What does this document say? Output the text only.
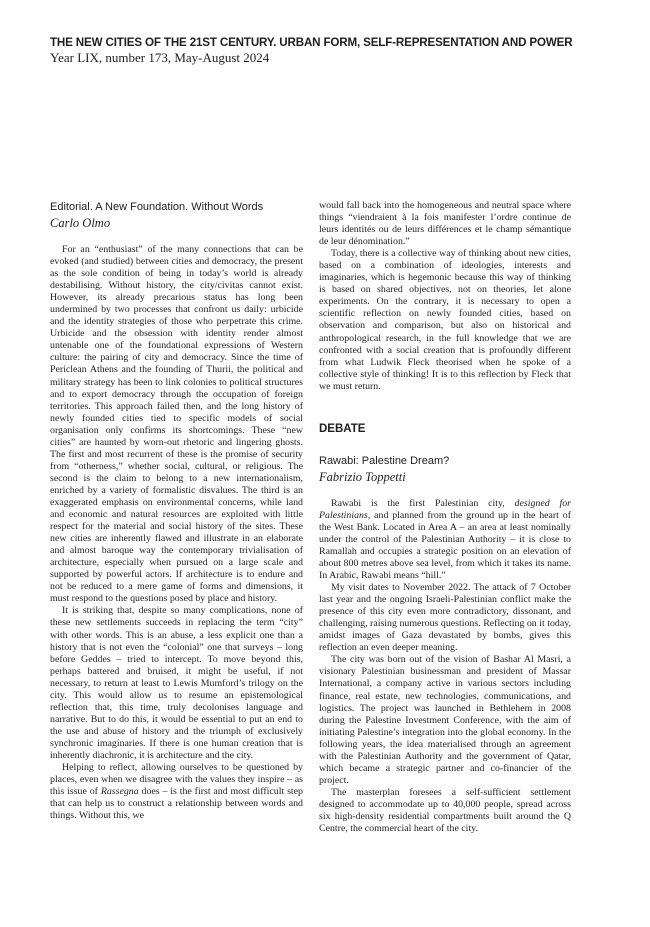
THE NEW CITIES OF THE 21ST CENTURY. URBAN FORM, SELF-REPRESENTATION AND POWER
Year LIX, number 173, May-August 2024
Editorial. A New Foundation. Without Words
Carlo Olmo

For an “enthusiast” of the many connections that can be evoked (and studied) between cities and democracy, the present as the sole condition of being in today’s world is already destabilising. Without history, the city/civitas cannot exist. However, its already precarious status has long been undermined by two processes that confront us daily: urbicide and the identity strategies of those who perpetrate this crime. Urbicide and the obsession with identity render almost untenable one of the foundational expressions of Western culture: the pairing of city and democracy. Since the time of Periclean Athens and the founding of Thurii, the political and military strategy has been to link colonies to political structures and to export democracy through the occupation of foreign territories. This approach failed then, and the long history of newly founded cities tied to specific models of social organisation only confirms its shortcomings. These “new cities” are haunted by worn-out rhetoric and lingering ghosts. The first and most recurrent of these is the promise of security from “otherness,” whether social, cultural, or religious. The second is the claim to belong to a new internationalism, enriched by a variety of formalistic disvalues. The third is an exaggerated emphasis on environmental concerns, while land and economic and natural resources are exploited with little respect for the material and social history of the sites. These new cities are inherently flawed and illustrate in an elaborate and almost baroque way the contemporary trivialisation of architecture, especially when pursued on a large scale and supported by powerful actors. If architecture is to endure and not be reduced to a mere game of forms and dimensions, it must respond to the questions posed by place and history.

It is striking that, despite so many complications, none of these new settlements succeeds in replacing the term “city” with other words. This is an abuse, a less explicit one than a history that is not even the “colonial” one that surveys – long before Geddes – tried to intercept. To move beyond this, perhaps battered and bruised, it might be useful, if not necessary, to return at least to Lewis Mumford’s trilogy on the city. This would allow us to resume an epistemological reflection that, this time, truly decolonises language and narrative. But to do this, it would be essential to put an end to the use and abuse of history and the triumph of exclusively synchronic imaginaries. If there is one human creation that is inherently diachronic, it is architecture and the city.

Helping to reflect, allowing ourselves to be questioned by places, even when we disagree with the values they inspire – as this issue of Rassegna does – is the first and most difficult step that can help us to construct a relationship between words and things. Without this, we

would fall back into the homogeneous and neutral space where things “viendraient à la fois manifester l’ordre continue de leurs identités ou de leurs différences et le champ sémantique de leur dénomination.”

Today, there is a collective way of thinking about new cities, based on a combination of ideologies, interests and imaginaries, which is hegemonic because this way of thinking is based on shared objectives, not on theories, let alone experiments. On the contrary, it is necessary to open a scientific reflection on newly founded cities, based on observation and comparison, but also on historical and anthropological research, in the full knowledge that we are confronted with a social creation that is profoundly different from what Ludwik Fleck theorised when he spoke of a collective style of thinking! It is to this reflection by Fleck that we must return.

DEBATE
Rawabi: Palestine Dream?
Fabrizio Toppetti

Rawabi is the first Palestinian city, designed for Palestinians, and planned from the ground up in the heart of the West Bank. Located in Area A – an area at least nominally under the control of the Palestinian Authority – it is close to Ramallah and occupies a strategic position on an elevation of about 800 metres above sea level, from which it takes its name. In Arabic, Rawabi means “hill.”

My visit dates to November 2022. The attack of 7 October last year and the ongoing Israeli-Palestinian conflict make the presence of this city even more contradictory, dissonant, and challenging, raising numerous questions. Reflecting on it today, amidst images of Gaza devastated by bombs, gives this reflection an even deeper meaning.

The city was born out of the vision of Bashar Al Masri, a visionary Palestinian businessman and president of Massar International, a company active in various sectors including finance, real estate, new technologies, communications, and logistics. The project was launched in Bethlehem in 2008 during the Palestine Investment Conference, with the aim of initiating Palestine’s integration into the global economy. In the following years, the idea materialised through an agreement with the Palestinian Authority and the government of Qatar, which became a strategic partner and co-financier of the project.

The masterplan foresees a self-sufficient settlement designed to accommodate up to 40,000 people, spread across six high-density residential compartments built around the Q Centre, the commercial heart of the city.
